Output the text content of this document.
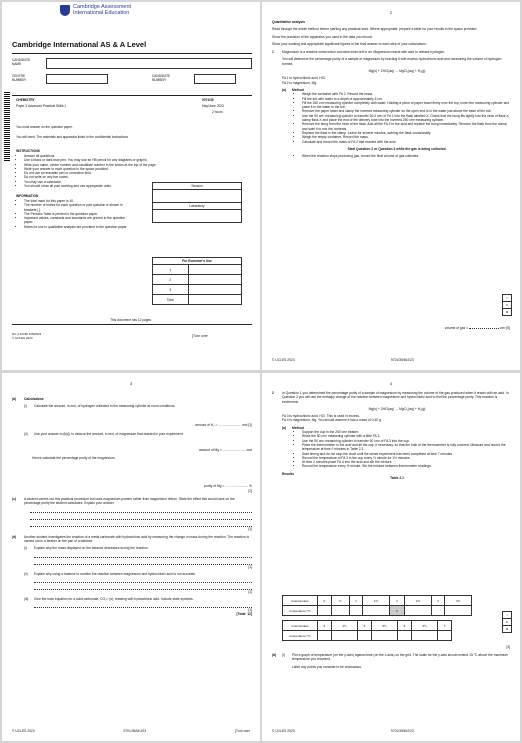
Cambridge Assessment
International Education
Cambridge International AS & A Level
CANDIDATE NAME
CENTRE NUMBER
CANDIDATE NUMBER
CHEMISTRY	9701/35
Paper 3 Advanced Practical Skills 1	May/June 2023
2 hours
You must answer on the question paper.
You will need: The materials and apparatus listed in the confidential instructions
INSTRUCTIONS
• Answer all questions.
• Use a black or dark blue pen. You may use an HB pencil for any diagrams or graphs.
• Write your name, centre number and candidate number in the boxes at the top of the page.
• Write your answer to each question in the space provided.
• Do not use an erasable pen or correction fluid.
• Do not write on any bar codes.
• You may use a calculator.
• You should show all your working and use appropriate units.
INFORMATION
• The total mark for this paper is 40.
• The number of marks for each question or part question is shown in brackets [ ].
• The Periodic Table is printed in the question paper.
• Important values, constants and standards are printed in the question paper.
• Notes for use in qualitative analysis are provided in the question paper.
Session

Laboratory

For Examiner's Use	
1	
2	
3	
Total	
This document has 12 pages.
DC (LK/CB) 315066/3
© UCLES 2023	[Turn over
2
Quantitative analysis
Read through the whole method before starting any practical work. Where appropriate, prepare a table for your results in the space provided.
Show the precision of the apparatus you used in the data you record.
Show your working and appropriate significant figures in the final answer to each step of your calculations.
1	Magnesium is a reactive metal which corrodes when left in air. Magnesium reacts with acid to release hydrogen.
You will determine the percentage purity of a sample of magnesium by reacting it with excess hydrochloric acid and measuring the volume of hydrogen formed.
Mg(s) + 2HCl(aq) → MgCl₂(aq) + H₂(g)
FA 1 is hydrochloric acid, HCl.
FA 2 is magnesium, Mg.
(a)	Method
• Weigh the container with FA 2. Record the mass.
• Fill the tub with water to a depth of approximately 5 cm.
• Fill the 250 cm³ measuring cylinder completely with water. Holding a piece of paper towel firmly over the top, invert the measuring cylinder and place it in the water in the tub.
• Remove the paper towel and clamp the inverted measuring cylinder so the open end is in the water just above the base of the tub.
• Use the 50 cm³ measuring cylinder to transfer 50.0 cm³ of FA 1 into the flask labelled X. Check that the bung fits tightly into the neck of flask X, clamp flask X and place the end of the delivery tube into the inverted 250 cm³ measuring cylinder.
• Remove the bung from the neck of the flask. Add all the FA 2 to the acid and replace the bung immediately. Remove the flask from the clamp and swirl it to mix the contents.
• Replace the flask in the clamp. Leave for several minutes, swirling the flask occasionally.
• Weigh the empty container. Record the mass.
• Calculate and record the mass of FA 2 that reacted with the acid.
Start Question 2 or Question 3 while the gas is being collected.
• When the reaction stops producing gas, record the final volume of gas collected.
I
II
III
volume of gas =	cm³ [5]
© UCLES 2023	9701/35/M/J/23
3
(b)	Calculations
(i)	Calculate the amount, in mol, of hydrogen collected in the measuring cylinder at room conditions.
amount of H₂ = ......................... mol [1]
(ii)	Use your answer to (b)(i) to deduce the amount, in mol, of magnesium that reacted in your experiment.
amount of Mg = ......................... mol
Hence calculate the percentage purity of the magnesium.
purity of Mg = ......................... %
[2]
(c)	A student carries out this practical procedure but uses magnesium powder rather than magnesium ribbon. State the effect this would have on the percentage purity the student calculates. Explain your answer.
[1]
(d)	Another student investigates the reaction of a metal carbonate with hydrochloric acid by measuring the change in mass during the reaction. The reaction is carried out in a beaker on the pan of a balance.
(i)	Explain why the mass displayed on the balance decreases during the reaction.
[1]
(ii)	Explain why using a balance to monitor the reaction between magnesium and hydrochloric acid is not accurate.
[1]
(iii)	Give the ionic equation for a solid carbonate, CO₃²⁻(s), reacting with hydrochloric acid. Include state symbols.
[1]
[Total: 12]
© UCLES 2023	9701/35/M/J/23	[Turn over
4
2	In Question 1 you determined the percentage purity of a sample of magnesium by measuring the volume of the gas produced when it reacts with an acid. In Question 2 you will use the enthalpy change of the reaction between magnesium and hydrochloric acid to find the percentage purity. This reaction is exothermic.
Mg(s) + 2HCl(aq) → MgCl₂(aq) + H₂(g)
FA 3 is hydrochloric acid, HCl. This is used in excess.
FA 4 is magnesium, Mg. You should assume it has a mass of 0.40 g.
(a)	Method
• Support the cup in the 250 cm³ beaker.
• Rinse the 50 cm³ measuring cylinder with a little FA 3.
• Use the 50 cm³ measuring cylinder to transfer 50 cm³ of FA 3 into the cup.
• Place the thermometer in the acid and tilt the cup, if necessary, so that the bulb of the thermometer is fully covered. Measure and record the temperature at time 0 minutes in Table 2.1.
• Start timing and do not stop the clock until the whole experiment has been completed at time 7 minutes.
• Record the temperature of FA 3 in the cup every ½ minute for 1½ minutes.
• At time 2 minutes place FA 4 into the acid and stir the mixture.
• Record the temperature every ½ minute. Stir the mixture between thermometer readings.
Results
Table 2.1
time/minutes	0	½	1	1½	2	2½	3	3½
temperature /°C					X			
time/minutes	4	4½	5	5½	6	6½	7
temperature /°C							
I
II
III
[3]
(b)	(i)	Plot a graph of temperature (on the y-axis) against time (on the x-axis) on the grid. The scale for the y-axis should extend 15 °C above the maximum temperature you recorded.
Label any points you consider to be anomalous.
© UCLES 2023	9701/35/M/J/23
